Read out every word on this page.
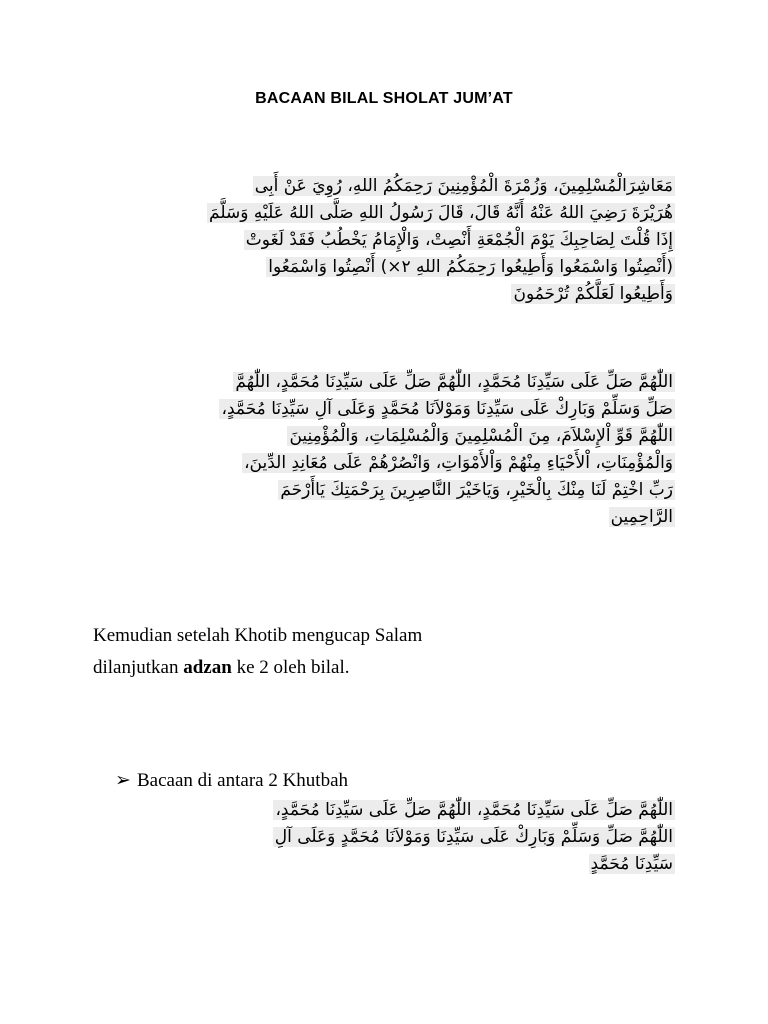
BACAAN BILAL SHOLAT JUM’AT
مَعَاشِرَالْمُسْلِمِينَ، وَزُمْرَةَ الْمُؤْمِنِينَ رَحِمَكُمُ اللهِ، رُوِيَ عَنْ أَبِى
هُرَيْرَةَ رَضِيَ اللهُ عَنْهُ أَنَّهُ قَالَ، قَالَ رَسُولُ اللهِ صَلَّى اللهُ عَلَيْهِ وَسَلَّمَ
إِذَا قُلْتَ لِصَاحِبِكَ يَوْمَ الْجُمْعَةِ أَنْصِتْ، وَالْإِمَامُ يَخْطُبُ فَقَدْ لَغَوتْ
(أَنْصِتُوا وَاسْمَعُوا وَأَطِيعُوا رَحِمَكُمُ اللهِ ٢×) أَنْصِتُوا وَاسْمَعُوا
وَأَطِيعُوا لَعَلَّكُمْ تُرْحَمُونَ
اللّٰهُمَّ صَلِّ عَلَى سَيِّدِنَا مُحَمَّدٍ، اللّٰهُمَّ صَلِّ عَلَى سَيِّدِنَا مُحَمَّدٍ، اللّٰهُمَّ
صَلِّ وَسَلِّمْ وَبَارِكْ عَلَى سَيِّدِنَا وَمَوْلاَنَا مُحَمَّدٍ وَعَلَى آلِ سَيِّدِنَا مُحَمَّدٍ،
اللّٰهُمَّ قَوِّ اْلإِسْلاَمَ، مِنَ الْمُسْلِمِينَ وَالْمُسْلِمَاتِ، وَالْمُؤْمِنِينَ
وَالْمُؤْمِنَاتِ، اْلأَحْيَاءِ مِنْهُمْ وَاْلأَمْوَاتِ، وَانْصُرْهُمْ عَلَى مُعَانِدِ الدِّينَ،
رَبِّ اخْتِمْ لَنَا مِنْكَ بِالْخَيْرِ، وَيَاخَيْرَ النَّاصِرِينَ بِرَحْمَتِكَ يَاأَرْحَمَ
الرَّاحِمِين
Kemudian setelah Khotib mengucap Salam
dilanjutkan adzan ke 2 oleh bilal.
➢ Bacaan di antara 2 Khutbah
اللّٰهُمَّ صَلِّ عَلَى سَيِّدِنَا مُحَمَّدٍ، اللّٰهُمَّ صَلِّ عَلَى سَيِّدِنَا مُحَمَّدٍ،
اللّٰهُمَّ صَلِّ وَسَلِّمْ وَبَارِكْ عَلَى سَيِّدِنَا وَمَوْلاَنَا مُحَمَّدٍ وَعَلَى آلِ
سَيِّدِنَا مُحَمَّدٍ
